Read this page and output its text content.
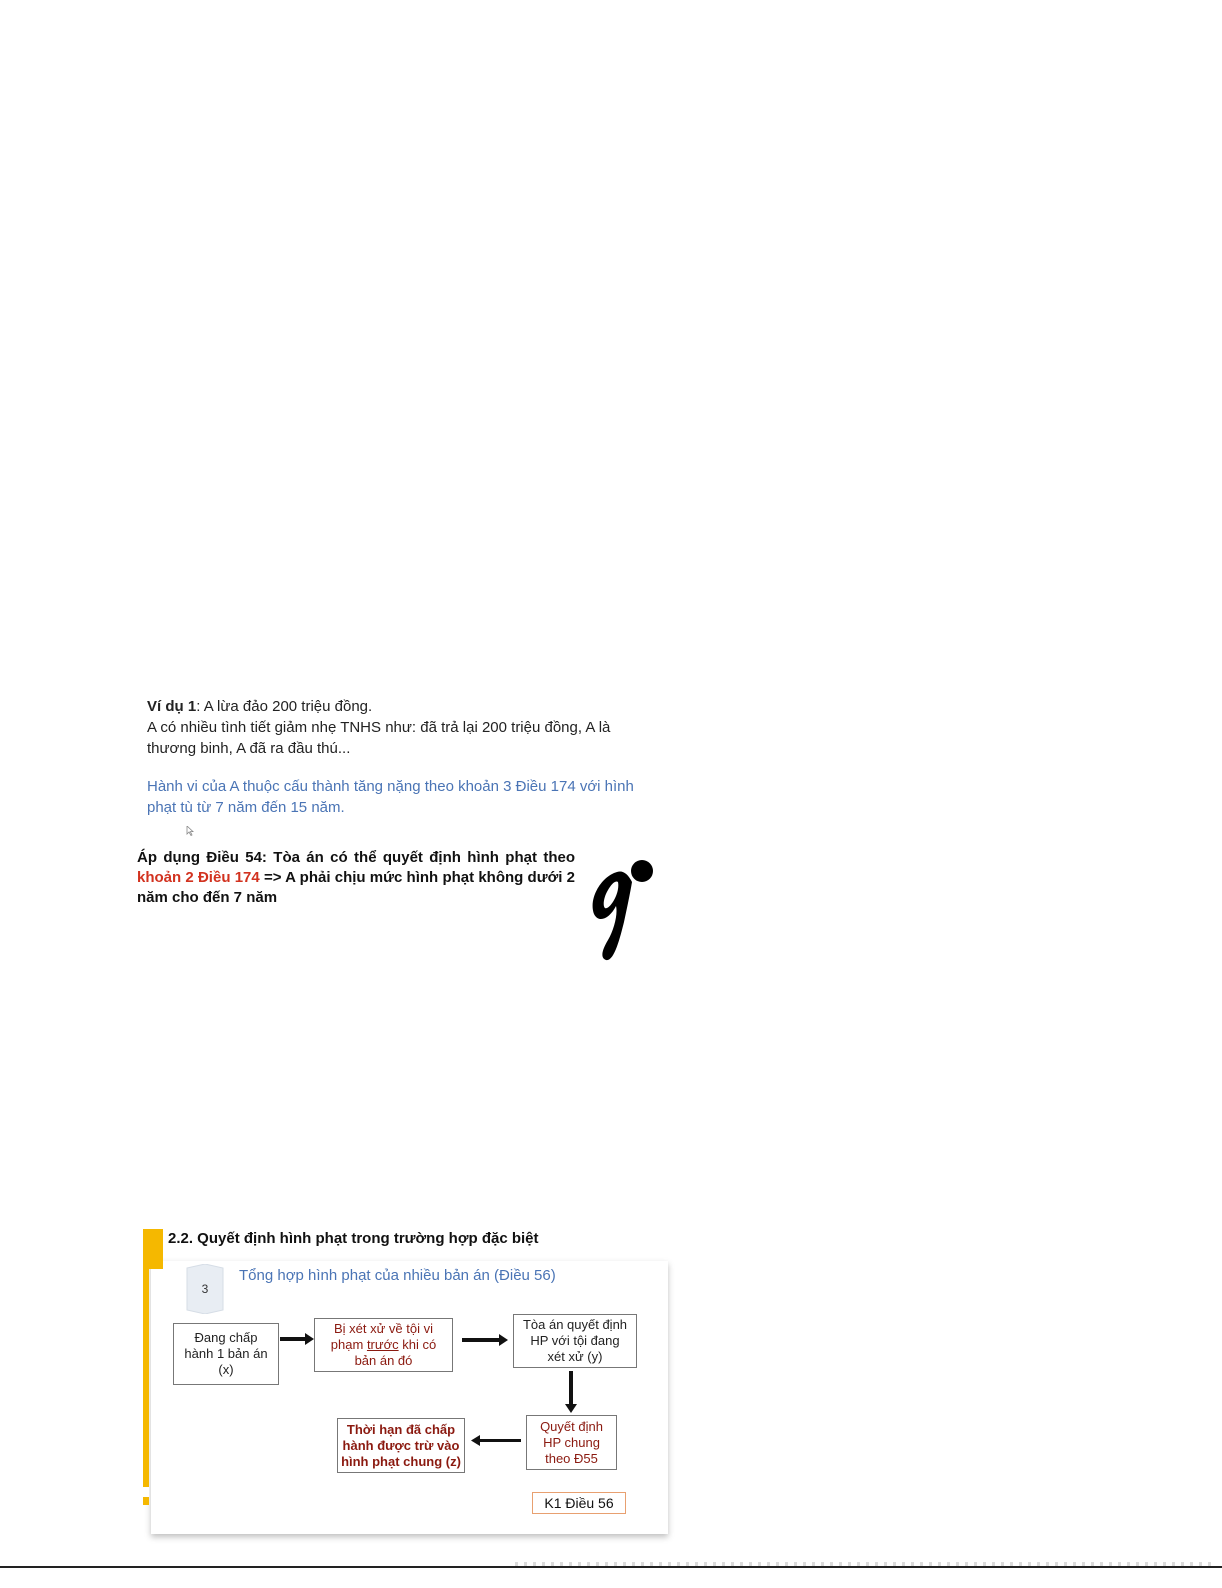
Ví dụ 1: A lừa đảo 200 triệu đồng.

A có nhiều tình tiết giảm nhẹ TNHS như: đã trả lại 200 triệu đồng, A là

thương binh, A đã ra đầu thú...

Hành vi của A thuộc cấu thành tăng nặng theo khoản 3 Điều 174 với hình

phạt tù từ 7 năm đến 15 năm.

Áp dụng Điều 54: Tòa án có thể quyết định hình phạt theo khoản 2 Điều 174 => A phải chịu mức hình phạt không dưới 2 năm cho đến 7 năm
2.2. Quyết định hình phạt trong trường hợp đặc biệt
3
Tổng hợp hình phạt của nhiều bản án (Điều 56)
Đang chấp
hành 1 bản án
(x)
Bị xét xử về tội vi
phạm trước khi có
bản án đó
Tòa án quyết định
HP với tội đang
xét xử (y)
Quyết định
HP chung
theo Đ55
Thời hạn đã chấp
hành được trừ vào
hình phạt chung (z)
K1 Điều 56
